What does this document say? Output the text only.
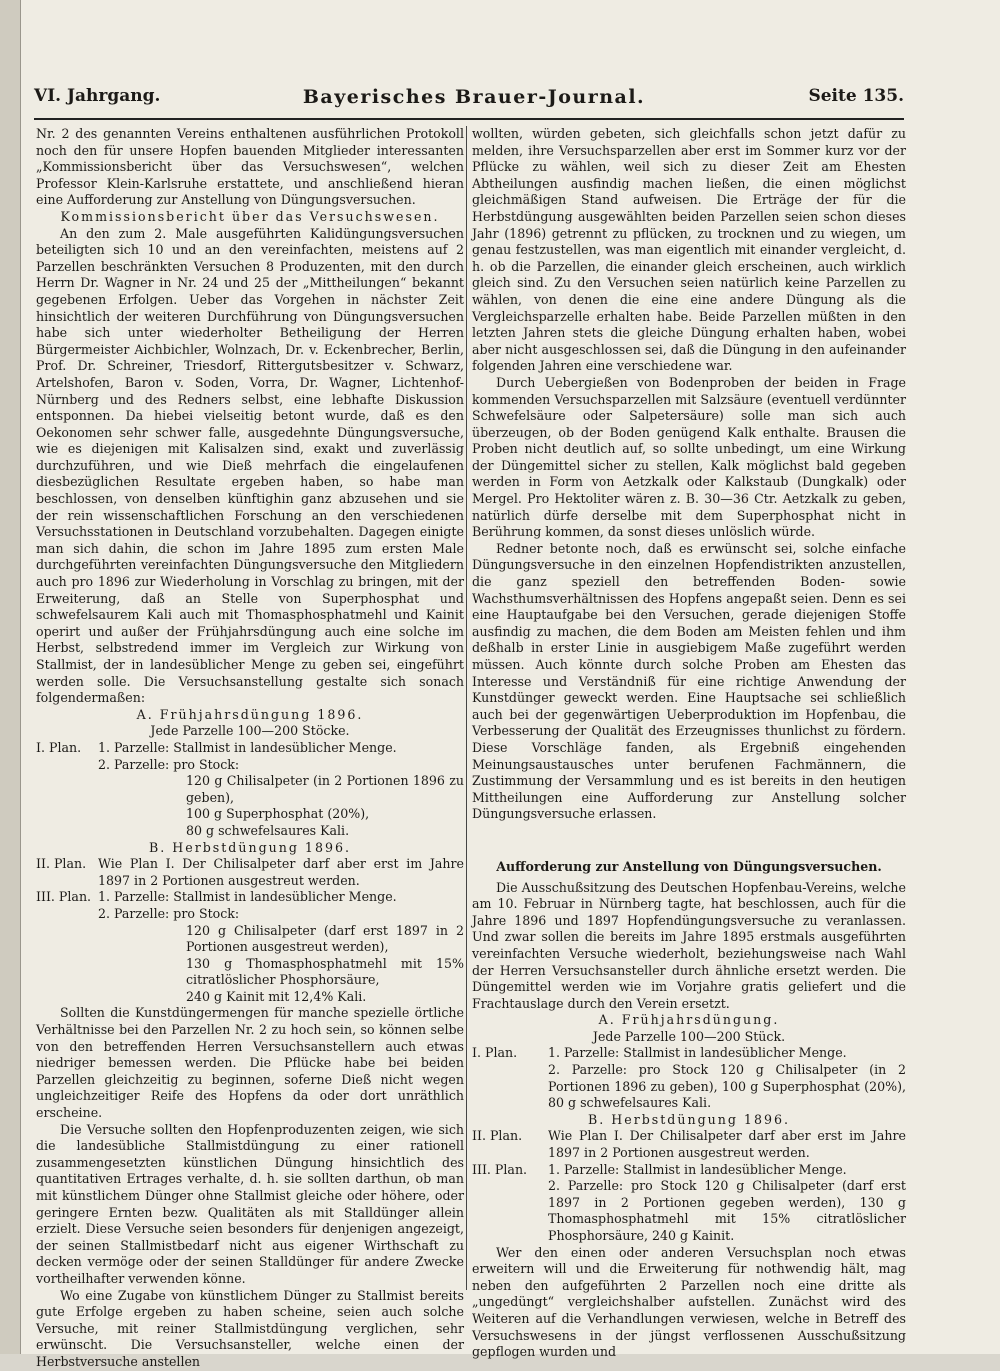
VI. Jahrgang.	Bayerisches Brauer-Journal.	Seite 135.

Nr. 2 des genannten Vereins enthaltenen ausführlichen Protokoll noch den für unsere Hopfen bauenden Mitglieder interessanten „Kommissionsbericht über das Versuchswesen“, welchen Professor Klein-Karlsruhe erstattete, und anschließend hieran eine Aufforderung zur Anstellung von Düngungsversuchen.

Kommissionsbericht über das Versuchswesen.

An den zum 2. Male ausgeführten Kalidüngungsversuchen beteiligten sich 10 und an den vereinfachten, meistens auf 2 Parzellen beschränkten Versuchen 8 Produzenten, mit den durch Herrn Dr. Wagner in Nr. 24 und 25 der „Mittheilungen“ bekannt gegebenen Erfolgen. Ueber das Vorgehen in nächster Zeit hinsichtlich der weiteren Durchführung von Düngungsversuchen habe sich unter wiederholter Betheiligung der Herren Bürgermeister Aichbichler, Wolnzach, Dr. v. Eckenbrecher, Berlin, Prof. Dr. Schreiner, Triesdorf, Rittergutsbesitzer v. Schwarz, Artelshofen, Baron v. Soden, Vorra, Dr. Wagner, Lichtenhof-Nürnberg und des Redners selbst, eine lebhafte Diskussion entsponnen. Da hiebei vielseitig betont wurde, daß es den Oekonomen sehr schwer falle, ausgedehnte Düngungsversuche, wie es diejenigen mit Kalisalzen sind, exakt und zuverlässig durchzuführen, und wie Dieß mehrfach die eingelaufenen diesbezüglichen Resultate ergeben haben, so habe man beschlossen, von denselben künftighin ganz abzusehen und sie der rein wissenschaftlichen Forschung an den verschiedenen Versuchsstationen in Deutschland vorzubehalten. Dagegen einigte man sich dahin, die schon im Jahre 1895 zum ersten Male durchgeführten vereinfachten Düngungsversuche den Mitgliedern auch pro 1896 zur Wiederholung in Vorschlag zu bringen, mit der Erweiterung, daß an Stelle von Superphosphat und schwefelsaurem Kali auch mit Thomasphosphatmehl und Kainit operirt und außer der Frühjahrsdüngung auch eine solche im Herbst, selbstredend immer im Vergleich zur Wirkung von Stallmist, der in landesüblicher Menge zu geben sei, eingeführt werden solle. Die Versuchsanstellung gestalte sich sonach folgendermaßen:

A. Frühjahrsdüngung 1896.

Jede Parzelle 100—200 Stöcke.

I. Plan.	1. Parzelle: Stallmist in landesüblicher Menge.
2. Parzelle: pro Stock:

120 g Chilisalpeter (in 2 Portionen 1896 zu geben),

100 g Superphosphat (20%),

80 g schwefelsaures Kali.

B. Herbstdüngung 1896.

II. Plan. Wie Plan I. Der Chilisalpeter darf aber erst im Jahre 1897 in 2 Portionen ausgestreut werden.
III. Plan. 1. Parzelle: Stallmist in landesüblicher Menge.
2. Parzelle: pro Stock:

120 g Chilisalpeter (darf erst 1897 in 2 Portionen ausgestreut werden),

130 g Thomasphosphatmehl mit 15% citratlöslicher Phosphorsäure,

240 g Kainit mit 12,4% Kali.

Sollten die Kunstdüngermengen für manche spezielle örtliche Verhältnisse bei den Parzellen Nr. 2 zu hoch sein, so können selbe von den betreffenden Herren Versuchsanstellern auch etwas niedriger bemessen werden. Die Pflücke habe bei beiden Parzellen gleichzeitig zu beginnen, soferne Dieß nicht wegen ungleichzeitiger Reife des Hopfens da oder dort unräthlich erscheine.

Die Versuche sollten den Hopfenproduzenten zeigen, wie sich die landesübliche Stallmistdüngung zu einer rationell zusammengesetzten künstlichen Düngung hinsichtlich des quantitativen Ertrages verhalte, d. h. sie sollten darthun, ob man mit künstlichem Dünger ohne Stallmist gleiche oder höhere, oder geringere Ernten bezw. Qualitäten als mit Stalldünger allein erzielt. Diese Versuche seien besonders für denjenigen angezeigt, der seinen Stallmistbedarf nicht aus eigener Wirthschaft zu decken vermöge oder der seinen Stalldünger für andere Zwecke vortheilhafter verwenden könne.

Wo eine Zugabe von künstlichem Dünger zu Stallmist bereits gute Erfolge ergeben zu haben scheine, seien auch solche Versuche, mit reiner Stallmistdüngung verglichen, sehr erwünscht. Die Versuchsansteller, welche einen der Herbstversuche anstellen

wollten, würden gebeten, sich gleichfalls schon jetzt dafür zu melden, ihre Versuchsparzellen aber erst im Sommer kurz vor der Pflücke zu wählen, weil sich zu dieser Zeit am Ehesten Abtheilungen ausfindig machen ließen, die einen möglichst gleichmäßigen Stand aufweisen. Die Erträge der für die Herbstdüngung ausgewählten beiden Parzellen seien schon dieses Jahr (1896) getrennt zu pflücken, zu trocknen und zu wiegen, um genau festzustellen, was man eigentlich mit einander vergleicht, d. h. ob die Parzellen, die einander gleich erscheinen, auch wirklich gleich sind. Zu den Versuchen seien natürlich keine Parzellen zu wählen, von denen die eine eine andere Düngung als die Vergleichsparzelle erhalten habe. Beide Parzellen müßten in den letzten Jahren stets die gleiche Düngung erhalten haben, wobei aber nicht ausgeschlossen sei, daß die Düngung in den aufeinander folgenden Jahren eine verschiedene war.

Durch Uebergießen von Bodenproben der beiden in Frage kommenden Versuchsparzellen mit Salzsäure (eventuell verdünnter Schwefelsäure oder Salpetersäure) solle man sich auch überzeugen, ob der Boden genügend Kalk enthalte. Brausen die Proben nicht deutlich auf, so sollte unbedingt, um eine Wirkung der Düngemittel sicher zu stellen, Kalk möglichst bald gegeben werden in Form von Aetzkalk oder Kalkstaub (Dungkalk) oder Mergel. Pro Hektoliter wären z. B. 30—36 Ctr. Aetzkalk zu geben, natürlich dürfe derselbe mit dem Superphosphat nicht in Berührung kommen, da sonst dieses unlöslich würde.

Redner betonte noch, daß es erwünscht sei, solche einfache Düngungsversuche in den einzelnen Hopfendistrikten anzustellen, die ganz speziell den betreffenden Boden- sowie Wachsthumsverhältnissen des Hopfens angepaßt seien. Denn es sei eine Hauptaufgabe bei den Versuchen, gerade diejenigen Stoffe ausfindig zu machen, die dem Boden am Meisten fehlen und ihm deßhalb in erster Linie in ausgiebigem Maße zugeführt werden müssen. Auch könnte durch solche Proben am Ehesten das Interesse und Verständniß für eine richtige Anwendung der Kunstdünger geweckt werden. Eine Hauptsache sei schließlich auch bei der gegenwärtigen Ueberproduktion im Hopfenbau, die Verbesserung der Qualität des Erzeugnisses thunlichst zu fördern. Diese Vorschläge fanden, als Ergebniß eingehenden Meinungsaustausches unter berufenen Fachmännern, die Zustimmung der Versammlung und es ist bereits in den heutigen Mittheilungen eine Aufforderung zur Anstellung solcher Düngungsversuche erlassen.

Aufforderung zur Anstellung von Düngungsversuchen.

Die Ausschußsitzung des Deutschen Hopfenbau-Vereins, welche am 10. Februar in Nürnberg tagte, hat beschlossen, auch für die Jahre 1896 und 1897 Hopfendüngungsversuche zu veranlassen. Und zwar sollen die bereits im Jahre 1895 erstmals ausgeführten vereinfachten Versuche wiederholt, beziehungsweise nach Wahl der Herren Versuchsansteller durch ähnliche ersetzt werden. Die Düngemittel werden wie im Vorjahre gratis geliefert und die Frachtauslage durch den Verein ersetzt.

A. Frühjahrsdüngung.

Jede Parzelle 100—200 Stück.

I. Plan.	1. Parzelle: Stallmist in landesüblicher Menge.
2. Parzelle: pro Stock 120 g Chilisalpeter (in 2 Portionen 1896 zu geben), 100 g Superphosphat (20%), 80 g schwefelsaures Kali.

B. Herbstdüngung 1896.

II. Plan.	Wie Plan I. Der Chilisalpeter darf aber erst im Jahre 1897 in 2 Portionen ausgestreut werden.
III. Plan.	1. Parzelle: Stallmist in landesüblicher Menge.
2. Parzelle: pro Stock 120 g Chilisalpeter (darf erst 1897 in 2 Portionen gegeben werden), 130 g Thomasphosphatmehl mit 15% citratlöslicher Phosphorsäure, 240 g Kainit.

Wer den einen oder anderen Versuchsplan noch etwas erweitern will und die Erweiterung für nothwendig hält, mag neben den aufgeführten 2 Parzellen noch eine dritte als „ungedüngt“ vergleichshalber aufstellen. Zunächst wird des Weiteren auf die Verhandlungen verwiesen, welche in Betreff des Versuchswesens in der jüngst verflossenen Ausschußsitzung gepflogen wurden und
